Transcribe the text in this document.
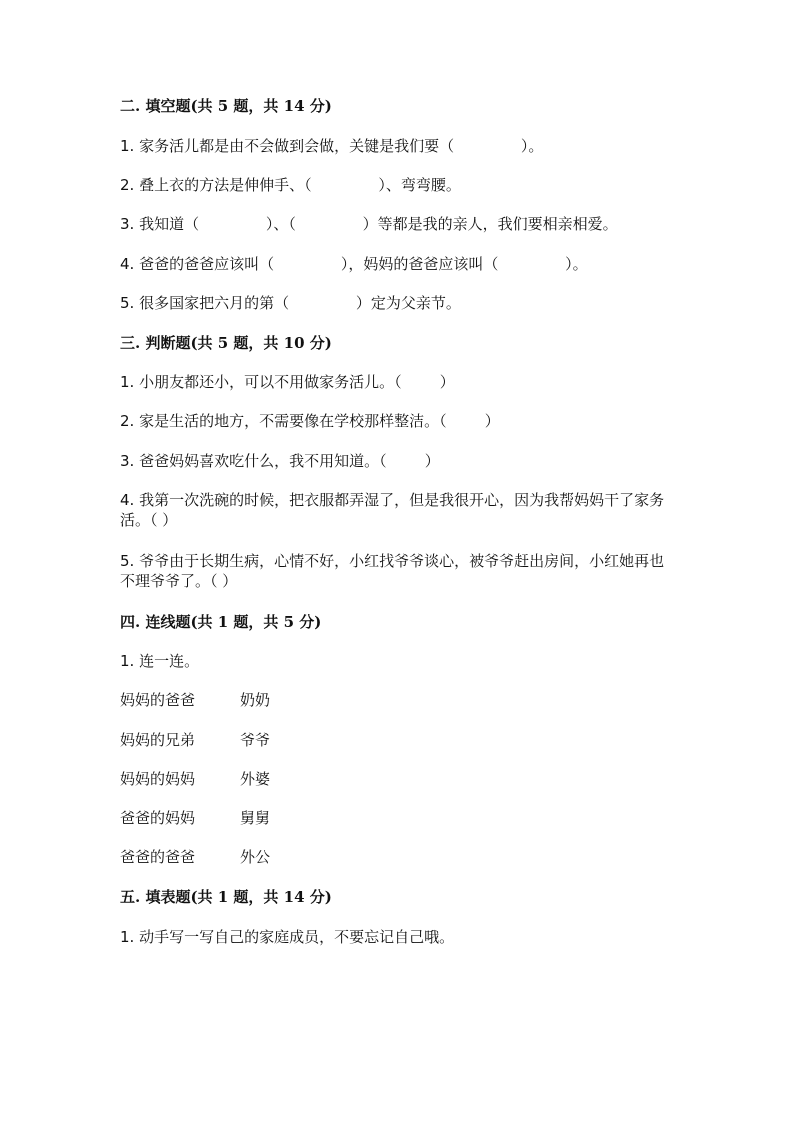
二. 填空题(共 5 题，共 14 分)
1. 家务活儿都是由不会做到会做，关键是我们要（              ）。
2. 叠上衣的方法是伸伸手、（              ）、弯弯腰。
3. 我知道（              ）、（              ）等都是我的亲人，我们要相亲相爱。
4. 爸爸的爸爸应该叫（              ），妈妈的爸爸应该叫（              ）。
5. 很多国家把六月的第（              ）定为父亲节。
三. 判断题(共 5 题，共 10 分)
1. 小朋友都还小，可以不用做家务活儿。（        ）
2. 家是生活的地方，不需要像在学校那样整洁。（        ）
3. 爸爸妈妈喜欢吃什么，我不用知道。（        ）
4. 我第一次洗碗的时候，把衣服都弄湿了，但是我很开心，因为我帮妈妈干了家务活。（ ）
5. 爷爷由于长期生病，心情不好，小红找爷爷谈心，被爷爷赶出房间，小红她再也不理爷爷了。（ ）
四. 连线题(共 1 题，共 5 分)
1. 连一连。
妈妈的爸爸	奶奶
妈妈的兄弟	爷爷
妈妈的妈妈	外婆
爸爸的妈妈	舅舅
爸爸的爸爸	外公
五. 填表题(共 1 题，共 14 分)
1. 动手写一写自己的家庭成员，不要忘记自己哦。
